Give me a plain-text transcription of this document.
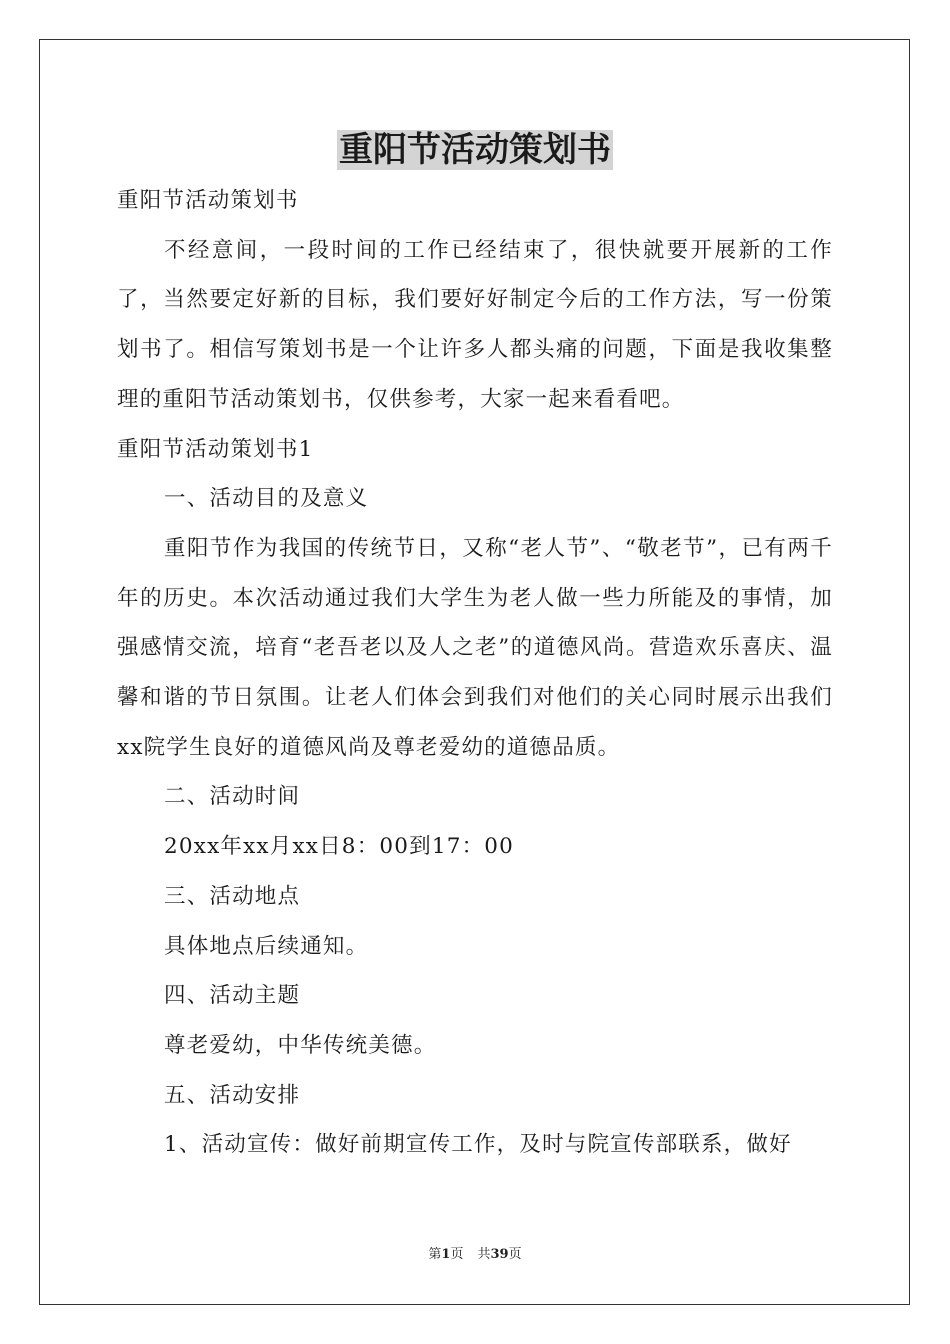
重阳节活动策划书

重阳节活动策划书

不经意间，一段时间的工作已经结束了，很快就要开展新的工作了，当然要定好新的目标，我们要好好制定今后的工作方法，写一份策划书了。相信写策划书是一个让许多人都头痛的问题，下面是我收集整理的重阳节活动策划书，仅供参考，大家一起来看看吧。

重阳节活动策划书1

一、活动目的及意义

重阳节作为我国的传统节日，又称“老人节”、“敬老节”，已有两千年的历史。本次活动通过我们大学生为老人做一些力所能及的事情，加强感情交流，培育“老吾老以及人之老”的道德风尚。营造欢乐喜庆、温馨和谐的节日氛围。让老人们体会到我们对他们的关心同时展示出我们xx院学生良好的道德风尚及尊老爱幼的道德品质。

二、活动时间

20xx年xx月xx日8：00到17：00

三、活动地点

具体地点后续通知。

四、活动主题

尊老爱幼，中华传统美德。

五、活动安排

1、活动宣传：做好前期宣传工作，及时与院宣传部联系，做好

第1页 共39页
